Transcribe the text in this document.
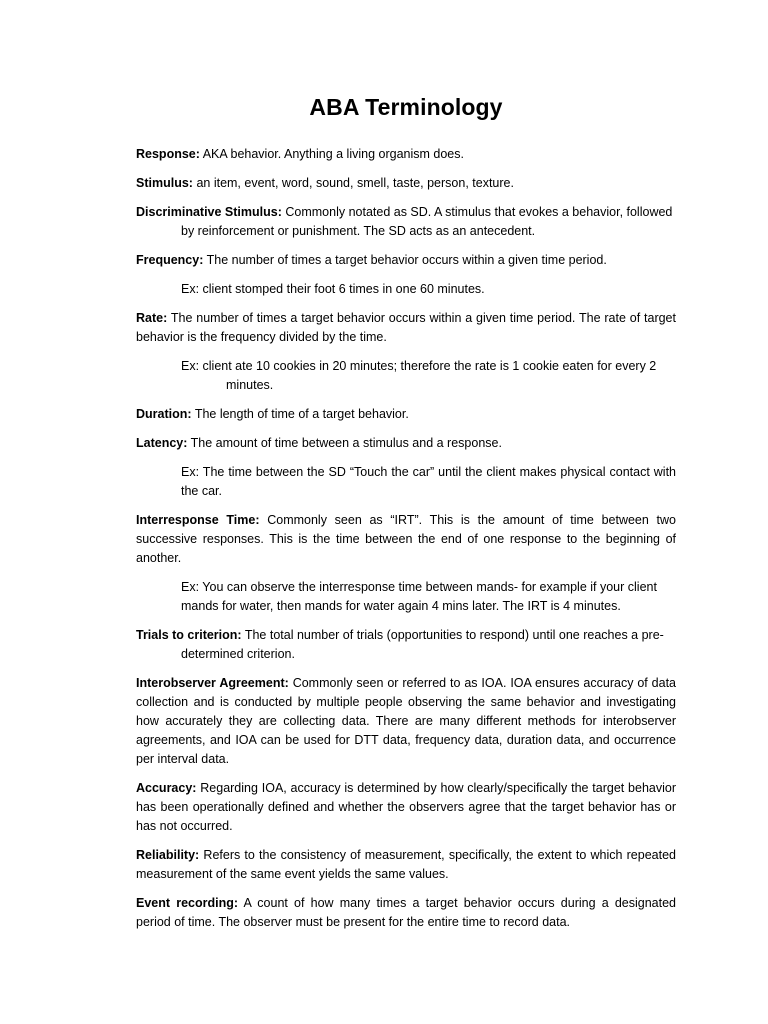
ABA Terminology

Response: AKA behavior. Anything a living organism does.

Stimulus: an item, event, word, sound, smell, taste, person, texture.

Discriminative Stimulus: Commonly notated as SD. A stimulus that evokes a behavior, followed by reinforcement or punishment. The SD acts as an antecedent.

Frequency: The number of times a target behavior occurs within a given time period.

Ex: client stomped their foot 6 times in one 60 minutes.

Rate: The number of times a target behavior occurs within a given time period. The rate of target behavior is the frequency divided by the time.

Ex: client ate 10 cookies in 20 minutes; therefore the rate is 1 cookie eaten for every 2 minutes.

Duration: The length of time of a target behavior.

Latency: The amount of time between a stimulus and a response.

Ex: The time between the SD “Touch the car” until the client makes physical contact with the car.

Interresponse Time: Commonly seen as “IRT”. This is the amount of time between two successive responses. This is the time between the end of one response to the beginning of another.

Ex: You can observe the interresponse time between mands- for example if your client mands for water, then mands for water again 4 mins later. The IRT is 4 minutes.

Trials to criterion: The total number of trials (opportunities to respond) until one reaches a pre-determined criterion.

Interobserver Agreement: Commonly seen or referred to as IOA. IOA ensures accuracy of data collection and is conducted by multiple people observing the same behavior and investigating how accurately they are collecting data. There are many different methods for interobserver agreements, and IOA can be used for DTT data, frequency data, duration data, and occurrence per interval data.

Accuracy: Regarding IOA, accuracy is determined by how clearly/specifically the target behavior has been operationally defined and whether the observers agree that the target behavior has or has not occurred.

Reliability: Refers to the consistency of measurement, specifically, the extent to which repeated measurement of the same event yields the same values.

Event recording: A count of how many times a target behavior occurs during a designated period of time. The observer must be present for the entire time to record data.
